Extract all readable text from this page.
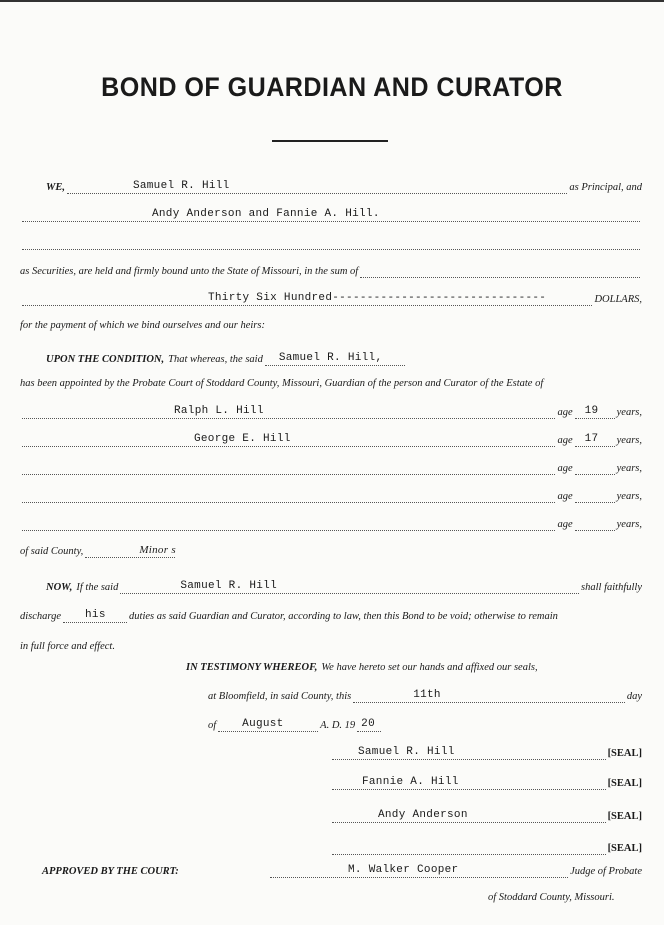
BOND OF GUARDIAN AND CURATOR
WE,	Samuel R. Hill	as Principal, and
Andy Anderson and Fannie A. Hill.
as Securities, are held and firmly bound unto the State of Missouri, in the sum of
Thirty Six Hundred-------------------------------	DOLLARS,
for the payment of which we bind ourselves and our heirs:
UPON THE CONDITION, That whereas, the said Samuel R. Hill,
has been appointed by the Probate Court of Stoddard County, Missouri, Guardian of the person and Curator of the Estate of
Ralph L. Hill	age 19 years,
George E. Hill	age 17 years,
age	years,
age	years,
age	years,
of said County,	Minor s
NOW, If the said	Samuel R. Hill	shall faithfully
discharge his duties as said Guardian and Curator, according to law, then this Bond to be void; otherwise to remain
in full force and effect.
IN TESTIMONY WHEREOF, We have hereto set our hands and affixed our seals,
at Bloomfield, in said County, this	11th	day
of August	A. D. 19 20
Samuel R. Hill	[SEAL]
Fannie A. Hill	[SEAL]
Andy Anderson	[SEAL]
[SEAL]
APPROVED BY THE COURT:	M. Walker Cooper	Judge of Probate
of Stoddard County, Missouri.
